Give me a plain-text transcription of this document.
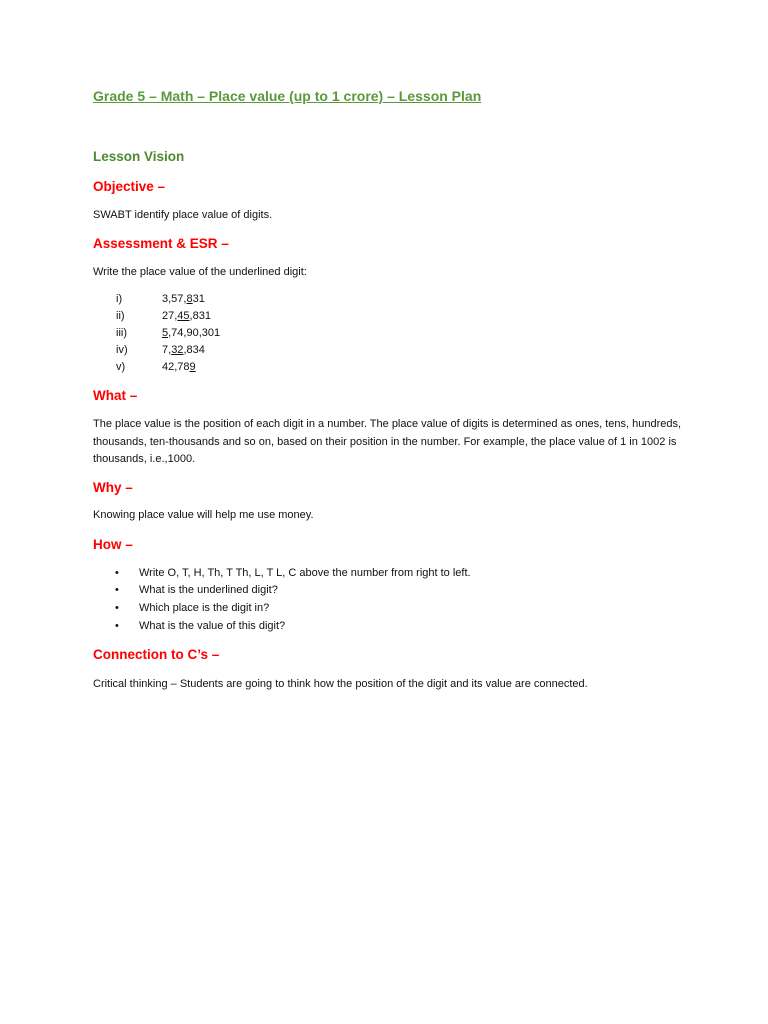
Grade 5 – Math – Place value (up to 1 crore) – Lesson Plan
Lesson Vision
Objective –
SWABT identify place value of digits.
Assessment & ESR –
Write the place value of the underlined digit:
i)	3,57,831
ii)	27,45,831
iii)	5,74,90,301
iv)	7,32,834
v)	42,789
What –
The place value is the position of each digit in a number. The place value of digits is determined as ones, tens, hundreds, thousands, ten-thousands and so on, based on their position in the number. For example, the place value of 1 in 1002 is thousands, i.e.,1000.
Why –
Knowing place value will help me use money.
How –
• Write O, T, H, Th, T Th, L, T L, C above the number from right to left.
• What is the underlined digit?
• Which place is the digit in?
• What is the value of this digit?
Connection to C’s –
Critical thinking – Students are going to think how the position of the digit and its value are connected.
